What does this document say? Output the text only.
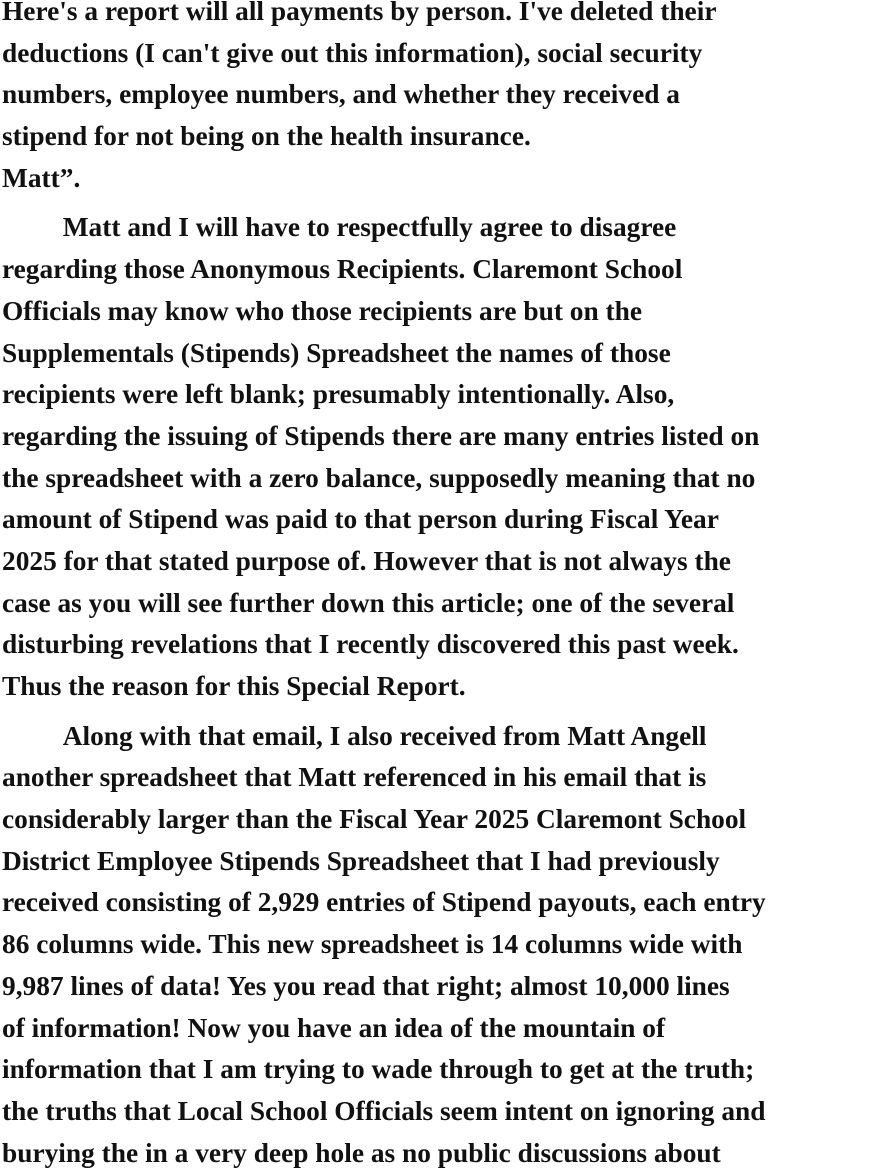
Here's a report will all payments by person. I've deleted their
deductions (I can't give out this information), social security
numbers, employee numbers, and whether they received a
stipend for not being on the health insurance.
Matt”.
Matt and I will have to respectfully agree to disagree
regarding those Anonymous Recipients. Claremont School
Officials may know who those recipients are but on the
Supplementals (Stipends) Spreadsheet the names of those
recipients were left blank; presumably intentionally. Also,
regarding the issuing of Stipends there are many entries listed on
the spreadsheet with a zero balance, supposedly meaning that no
amount of Stipend was paid to that person during Fiscal Year
2025 for that stated purpose of. However that is not always the
case as you will see further down this article; one of the several
disturbing revelations that I recently discovered this past week.
Thus the reason for this Special Report.
Along with that email, I also received from Matt Angell
another spreadsheet that Matt referenced in his email that is
considerably larger than the Fiscal Year 2025 Claremont School
District Employee Stipends Spreadsheet that I had previously
received consisting of 2,929 entries of Stipend payouts, each entry
86 columns wide. This new spreadsheet is 14 columns wide with
9,987 lines of data! Yes you read that right; almost 10,000 lines
of information! Now you have an idea of the mountain of
information that I am trying to wade through to get at the truth;
the truths that Local School Officials seem intent on ignoring and
burying the in a very deep hole as no public discussions about
